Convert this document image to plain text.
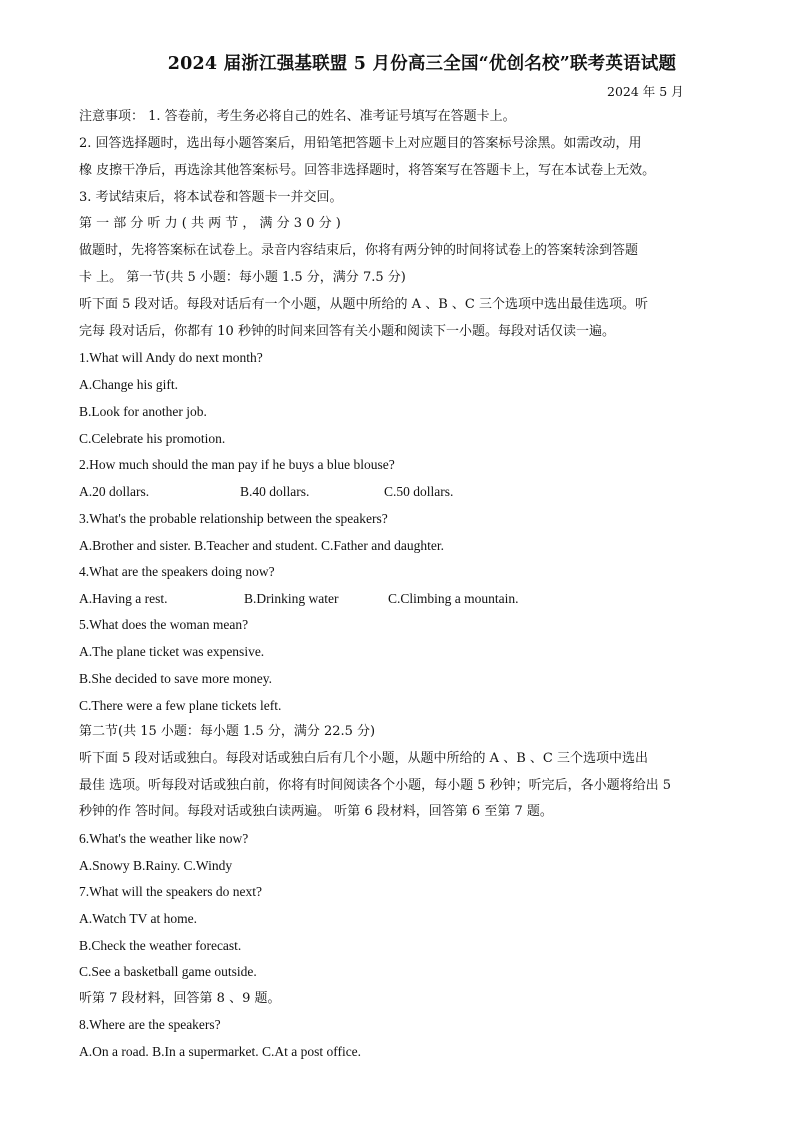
2024 届浙江强基联盟 5 月份高三全国“优创名校”联考英语试题
2024 年 5 月
注意事项： 1. 答卷前，考生务必将自己的姓名、准考证号填写在答题卡上。
2. 回答选择题时，选出每小题答案后，用铅笔把答题卡上对应题目的答案标号涂黑。如需改动，用
橡 皮擦干净后，再选涂其他答案标号。回答非选择题时，将答案写在答题卡上，写在本试卷上无效。
3. 考试结束后，将本试卷和答题卡一并交回。
第 一 部 分 听 力 ( 共 两 节 ， 满 分 3 0 分 )
做题时，先将答案标在试卷上。录音内容结束后，你将有两分钟的时间将试卷上的答案转涂到答题
卡 上。 第一节(共 5 小题：每小题 1.5 分，满分 7.5 分)
听下面 5 段对话。每段对话后有一个小题，从题中所给的 A 、B 、C 三个选项中选出最佳选项。听
完每 段对话后，你都有 10 秒钟的时间来回答有关小题和阅读下一小题。每段对话仅读一遍。
1.What will Andy do next month?
A.Change his gift.
B.Look for another job.
C.Celebrate his promotion.
2.How much should the man pay if he buys a blue blouse?
A.20 dollars.	B.40 dollars.	C.50 dollars.
3.What's the probable relationship between the speakers?
A.Brother and sister. B.Teacher and student. C.Father and daughter.
4.What are the speakers doing now?
A.Having a rest.	B.Drinking water	C.Climbing a mountain.
5.What does the woman mean?
A.The plane ticket was expensive.
B.She decided to save more money.
C.There were a few plane tickets left.
第二节(共 15 小题：每小题 1.5 分，满分 22.5 分)
听下面 5 段对话或独白。每段对话或独白后有几个小题，从题中所给的 A 、B 、C 三个选项中选出
最佳 选项。听每段对话或独白前，你将有时间阅读各个小题，每小题 5 秒钟；听完后，各小题将给出 5
秒钟的作 答时间。每段对话或独白读两遍。 听第 6 段材料，回答第 6 至第 7 题。
6.What's the weather like now?
A.Snowy B.Rainy. C.Windy
7.What will the speakers do next?
A.Watch TV at home.
B.Check the weather forecast.
C.See a basketball game outside.
听第 7 段材料，回答第 8 、9 题。
8.Where are the speakers?
A.On a road. B.In a supermarket. C.At a post office.
